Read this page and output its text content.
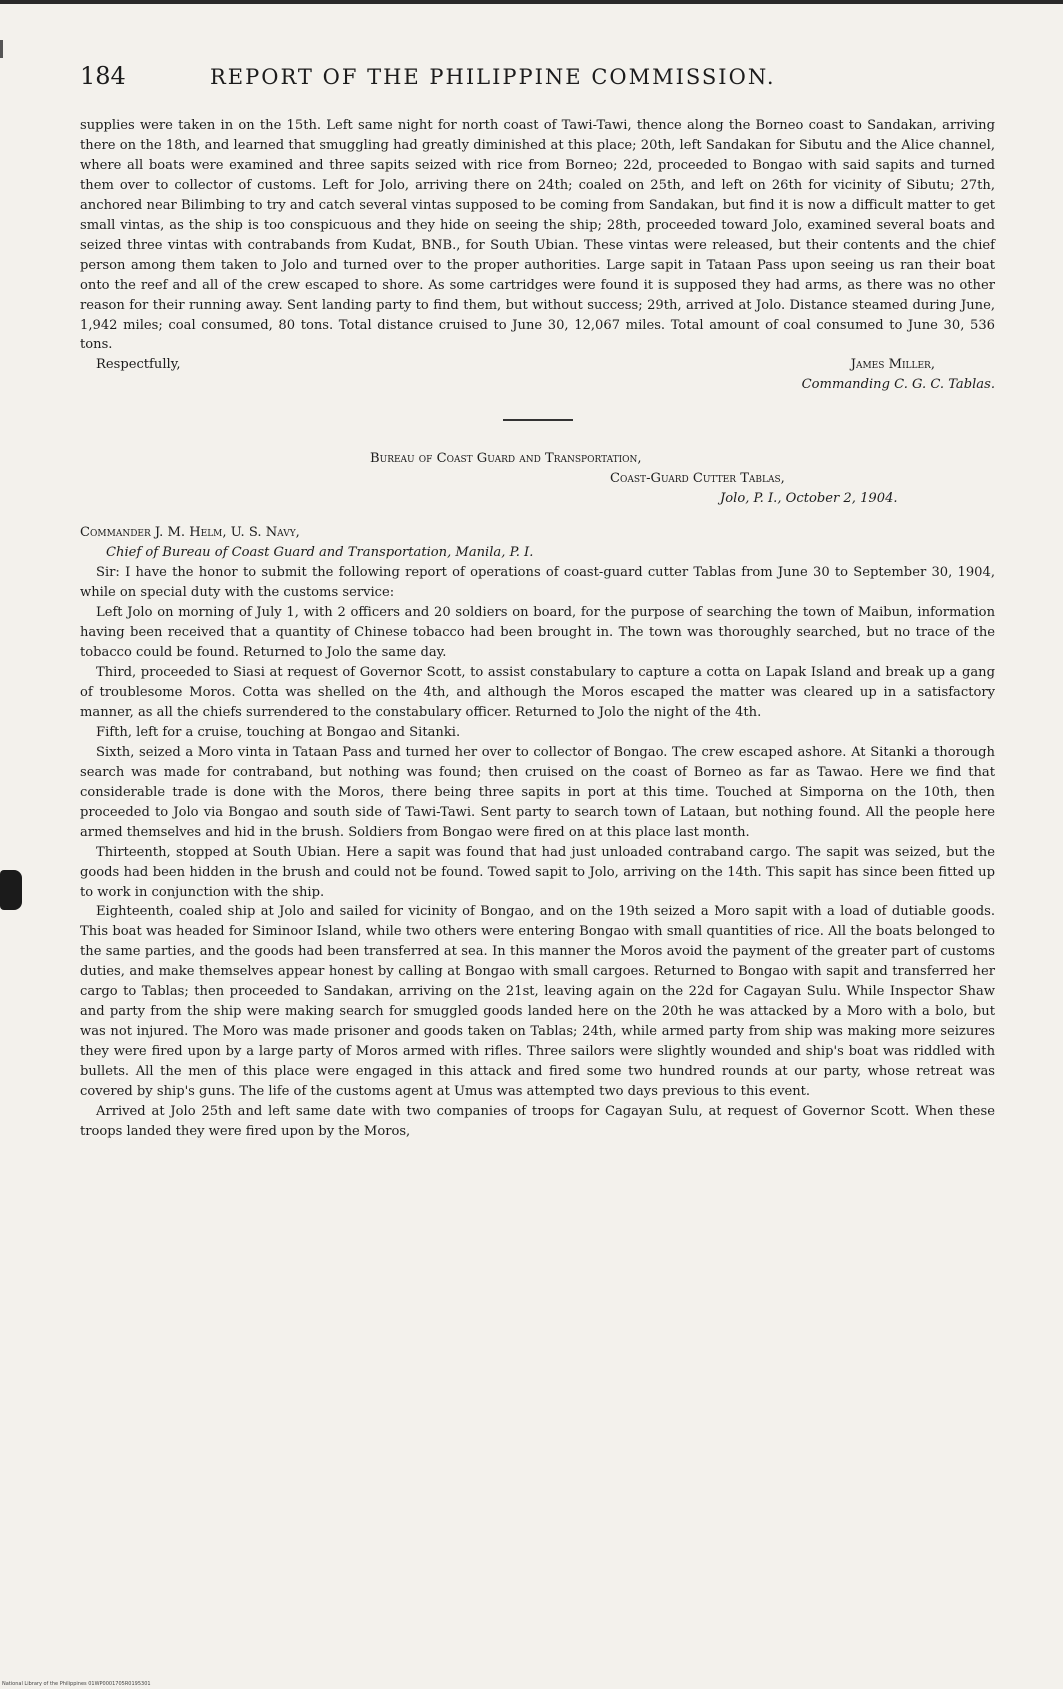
184	REPORT OF THE PHILIPPINE COMMISSION.

supplies were taken in on the 15th. Left same night for north coast of Tawi-Tawi, thence along the Borneo coast to Sandakan, arriving there on the 18th, and learned that smuggling had greatly diminished at this place; 20th, left Sandakan for Sibutu and the Alice channel, where all boats were examined and three sapits seized with rice from Borneo; 22d, proceeded to Bongao with said sapits and turned them over to collector of customs. Left for Jolo, arriving there on 24th; coaled on 25th, and left on 26th for vicinity of Sibutu; 27th, anchored near Bilimbing to try and catch several vintas supposed to be coming from Sandakan, but find it is now a difficult matter to get small vintas, as the ship is too conspicuous and they hide on seeing the ship; 28th, proceeded toward Jolo, examined several boats and seized three vintas with contrabands from Kudat, BNB., for South Ubian. These vintas were released, but their contents and the chief person among them taken to Jolo and turned over to the proper authorities. Large sapit in Tataan Pass upon seeing us ran their boat onto the reef and all of the crew escaped to shore. As some cartridges were found it is supposed they had arms, as there was no other reason for their running away. Sent landing party to find them, but without success; 29th, arrived at Jolo. Distance steamed during June, 1,942 miles; coal consumed, 80 tons. Total distance cruised to June 30, 12,067 miles. Total amount of coal consumed to June 30, 536 tons.

Respectfully,	James Miller,
Commanding C. G. C. Tablas.
Bureau of Coast Guard and Transportation,
Coast-Guard Cutter Tablas,
Jolo, P. I., October 2, 1904.
Commander J. M. Helm, U. S. Navy,
Chief of Bureau of Coast Guard and Transportation, Manila, P. I.

Sir: I have the honor to submit the following report of operations of coast-guard cutter Tablas from June 30 to September 30, 1904, while on special duty with the customs service:

Left Jolo on morning of July 1, with 2 officers and 20 soldiers on board, for the purpose of searching the town of Maibun, information having been received that a quantity of Chinese tobacco had been brought in. The town was thoroughly searched, but no trace of the tobacco could be found. Returned to Jolo the same day.

Third, proceeded to Siasi at request of Governor Scott, to assist constabulary to capture a cotta on Lapak Island and break up a gang of troublesome Moros. Cotta was shelled on the 4th, and although the Moros escaped the matter was cleared up in a satisfactory manner, as all the chiefs surrendered to the constabulary officer. Returned to Jolo the night of the 4th.

Fifth, left for a cruise, touching at Bongao and Sitanki.

Sixth, seized a Moro vinta in Tataan Pass and turned her over to collector of Bongao. The crew escaped ashore. At Sitanki a thorough search was made for contraband, but nothing was found; then cruised on the coast of Borneo as far as Tawao. Here we find that considerable trade is done with the Moros, there being three sapits in port at this time. Touched at Simporna on the 10th, then proceeded to Jolo via Bongao and south side of Tawi-Tawi. Sent party to search town of Lataan, but nothing found. All the people here armed themselves and hid in the brush. Soldiers from Bongao were fired on at this place last month.

Thirteenth, stopped at South Ubian. Here a sapit was found that had just unloaded contraband cargo. The sapit was seized, but the goods had been hidden in the brush and could not be found. Towed sapit to Jolo, arriving on the 14th. This sapit has since been fitted up to work in conjunction with the ship.

Eighteenth, coaled ship at Jolo and sailed for vicinity of Bongao, and on the 19th seized a Moro sapit with a load of dutiable goods. This boat was headed for Siminoor Island, while two others were entering Bongao with small quantities of rice. All the boats belonged to the same parties, and the goods had been transferred at sea. In this manner the Moros avoid the payment of the greater part of customs duties, and make themselves appear honest by calling at Bongao with small cargoes. Returned to Bongao with sapit and transferred her cargo to Tablas; then proceeded to Sandakan, arriving on the 21st, leaving again on the 22d for Cagayan Sulu. While Inspector Shaw and party from the ship were making search for smuggled goods landed here on the 20th he was attacked by a Moro with a bolo, but was not injured. The Moro was made prisoner and goods taken on Tablas; 24th, while armed party from ship was making more seizures they were fired upon by a large party of Moros armed with rifles. Three sailors were slightly wounded and ship's boat was riddled with bullets. All the men of this place were engaged in this attack and fired some two hundred rounds at our party, whose retreat was covered by ship's guns. The life of the customs agent at Umus was attempted two days previous to this event.

Arrived at Jolo 25th and left same date with two companies of troops for Cagayan Sulu, at request of Governor Scott. When these troops landed they were fired upon by the Moros,

National Library of the Philippines 01WP0001705R0195301
